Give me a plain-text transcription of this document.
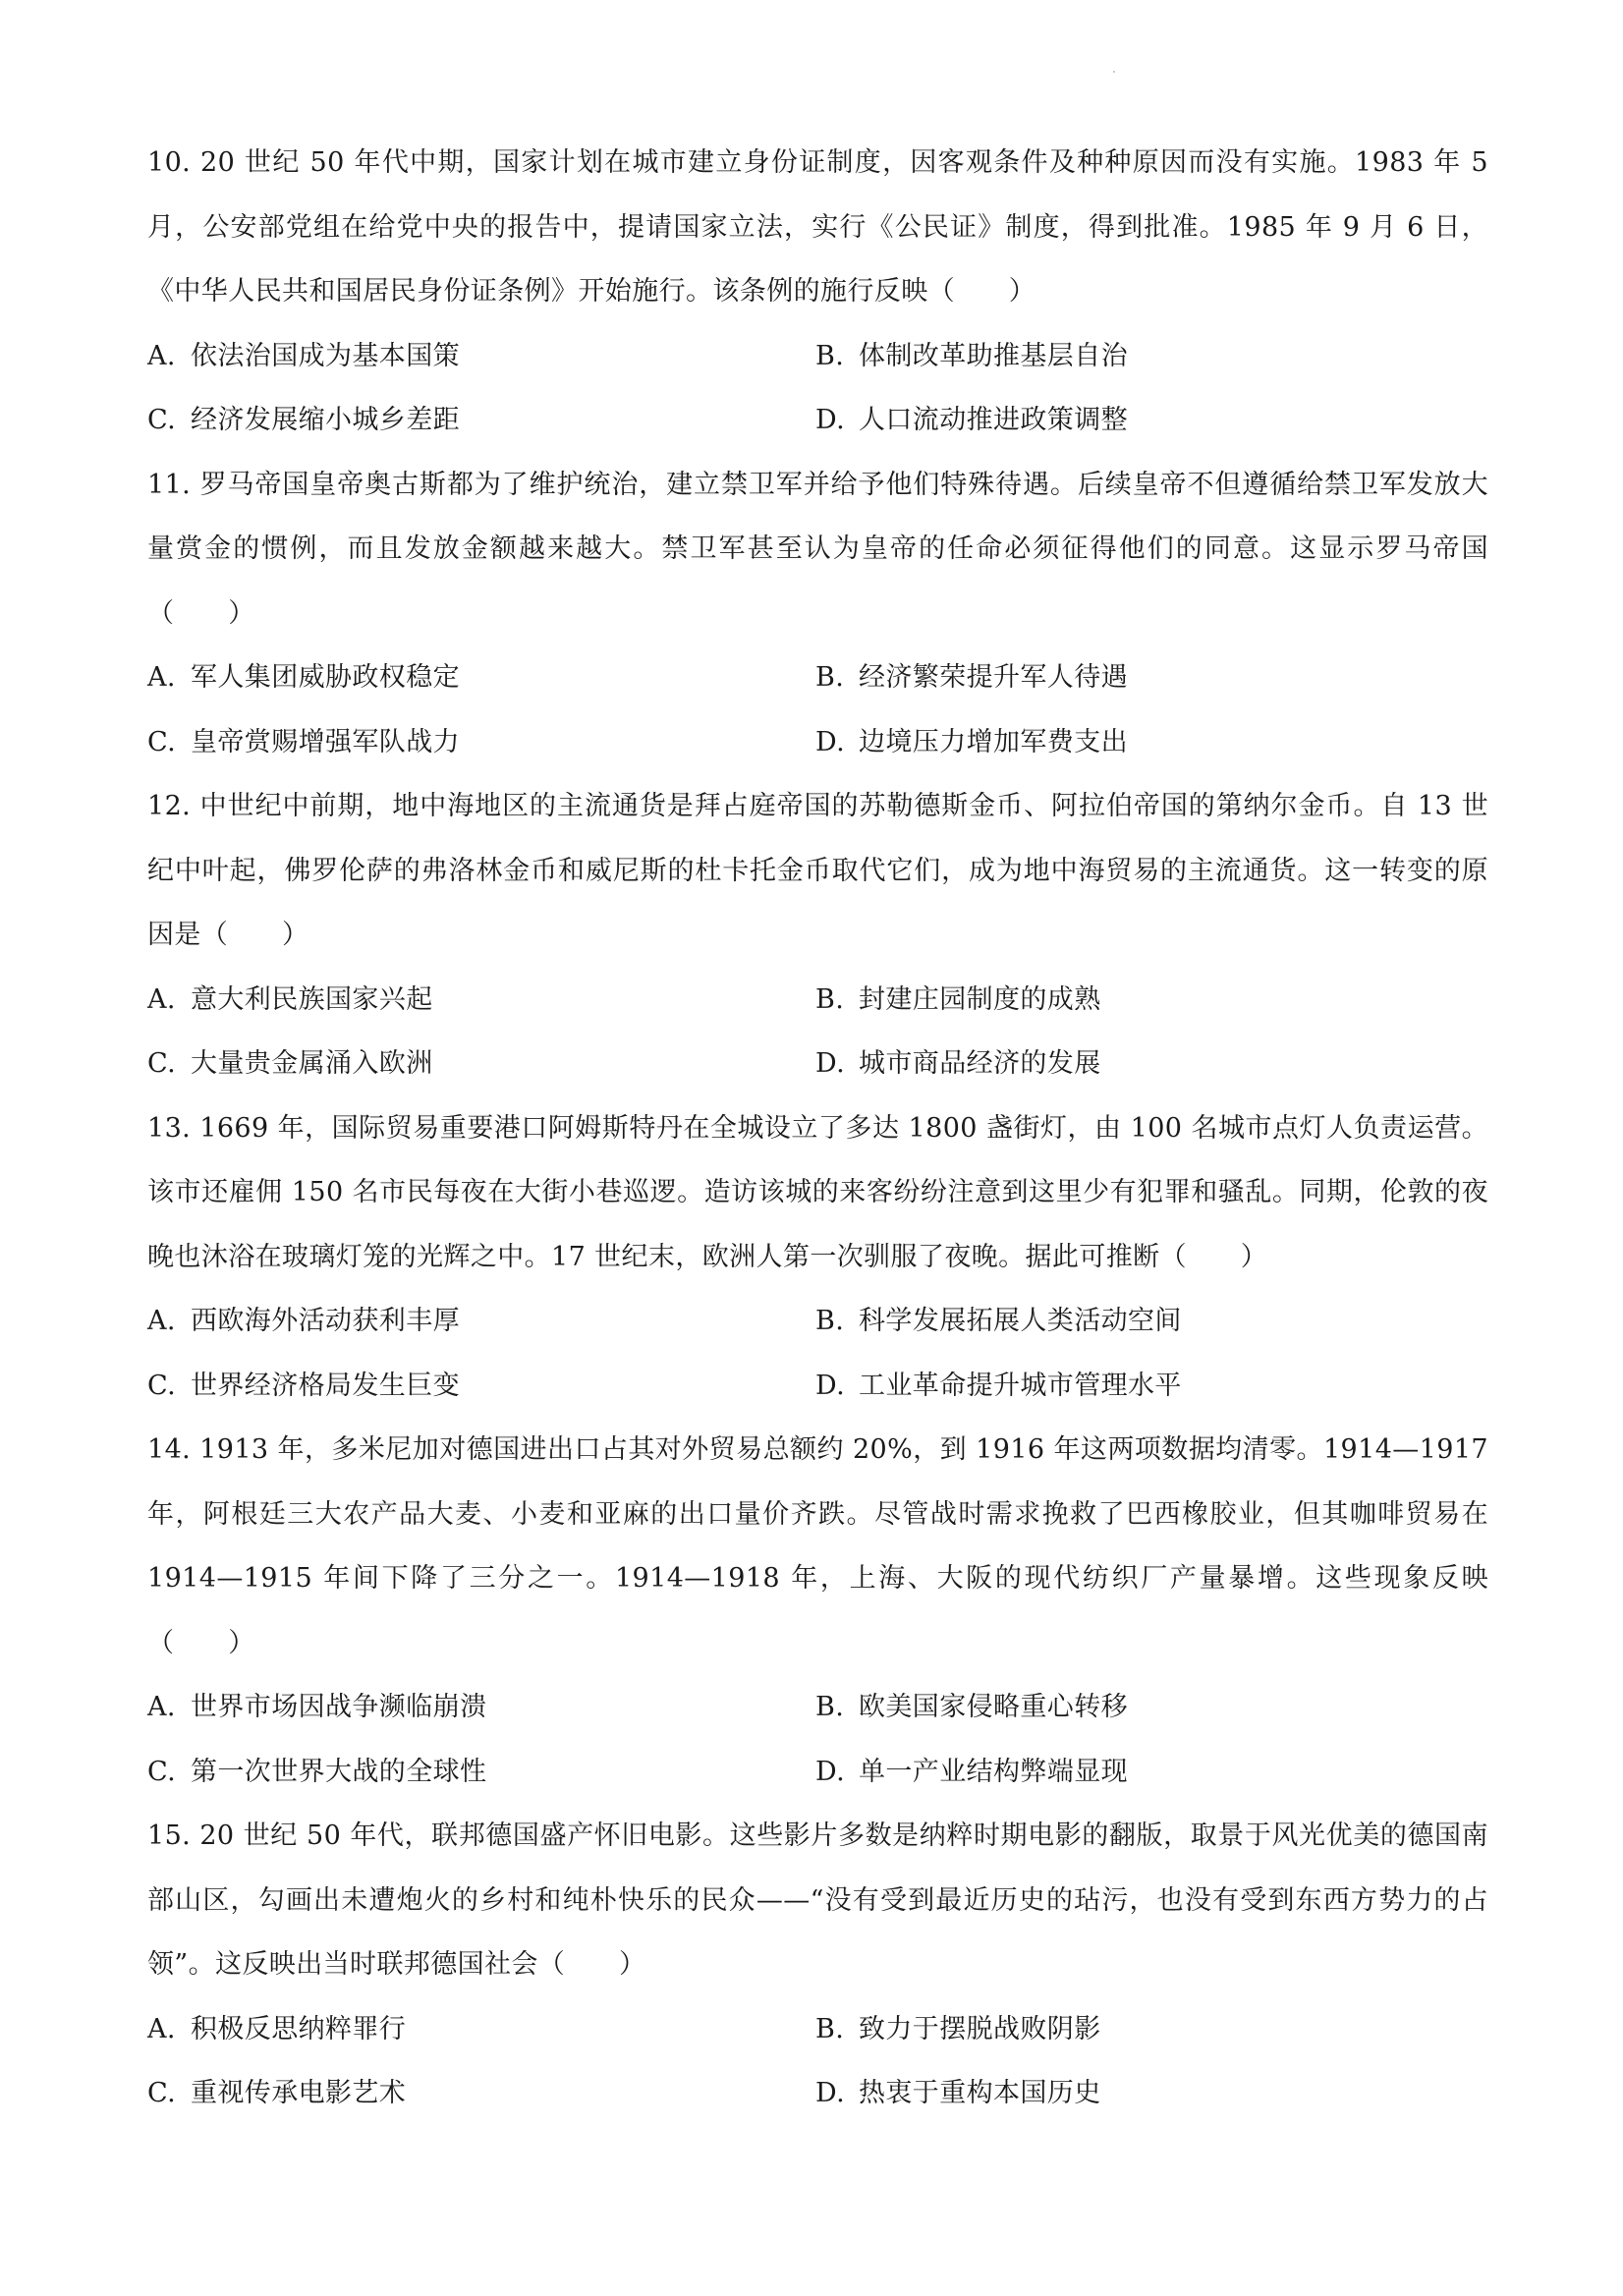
10. 20 世纪 50 年代中期，国家计划在城市建立身份证制度，因客观条件及种种原因而没有实施。1983 年 5 月，公安部党组在给党中央的报告中，提请国家立法，实行《公民证》制度，得到批准。1985 年 9 月 6 日，《中华人民共和国居民身份证条例》开始施行。该条例的施行反映（　　）

A. 依法治国成为基本国策	B. 体制改革助推基层自治
C. 经济发展缩小城乡差距	D. 人口流动推进政策调整

11. 罗马帝国皇帝奥古斯都为了维护统治，建立禁卫军并给予他们特殊待遇。后续皇帝不但遵循给禁卫军发放大量赏金的惯例，而且发放金额越来越大。禁卫军甚至认为皇帝的任命必须征得他们的同意。这显示罗马帝国（　　）

A. 军人集团威胁政权稳定	B. 经济繁荣提升军人待遇
C. 皇帝赏赐增强军队战力	D. 边境压力增加军费支出

12. 中世纪中前期，地中海地区的主流通货是拜占庭帝国的苏勒德斯金币、阿拉伯帝国的第纳尔金币。自 13 世纪中叶起，佛罗伦萨的弗洛林金币和威尼斯的杜卡托金币取代它们，成为地中海贸易的主流通货。这一转变的原因是（　　）

A. 意大利民族国家兴起	B. 封建庄园制度的成熟
C. 大量贵金属涌入欧洲	D. 城市商品经济的发展

13. 1669 年，国际贸易重要港口阿姆斯特丹在全城设立了多达 1800 盏街灯，由 100 名城市点灯人负责运营。该市还雇佣 150 名市民每夜在大街小巷巡逻。造访该城的来客纷纷注意到这里少有犯罪和骚乱。同期，伦敦的夜晚也沐浴在玻璃灯笼的光辉之中。17 世纪末，欧洲人第一次驯服了夜晚。据此可推断（　　）

A. 西欧海外活动获利丰厚	B. 科学发展拓展人类活动空间
C. 世界经济格局发生巨变	D. 工业革命提升城市管理水平

14. 1913 年，多米尼加对德国进出口占其对外贸易总额约 20%，到 1916 年这两项数据均清零。1914—1917 年，阿根廷三大农产品大麦、小麦和亚麻的出口量价齐跌。尽管战时需求挽救了巴西橡胶业，但其咖啡贸易在 1914—1915 年间下降了三分之一。1914—1918 年，上海、大阪的现代纺织厂产量暴增。这些现象反映（　　）

A. 世界市场因战争濒临崩溃	B. 欧美国家侵略重心转移
C. 第一次世界大战的全球性	D. 单一产业结构弊端显现

15. 20 世纪 50 年代，联邦德国盛产怀旧电影。这些影片多数是纳粹时期电影的翻版，取景于风光优美的德国南部山区，勾画出未遭炮火的乡村和纯朴快乐的民众——“没有受到最近历史的玷污，也没有受到东西方势力的占领”。这反映出当时联邦德国社会（　　）

A. 积极反思纳粹罪行	B. 致力于摆脱战败阴影
C. 重视传承电影艺术	D. 热衷于重构本国历史
